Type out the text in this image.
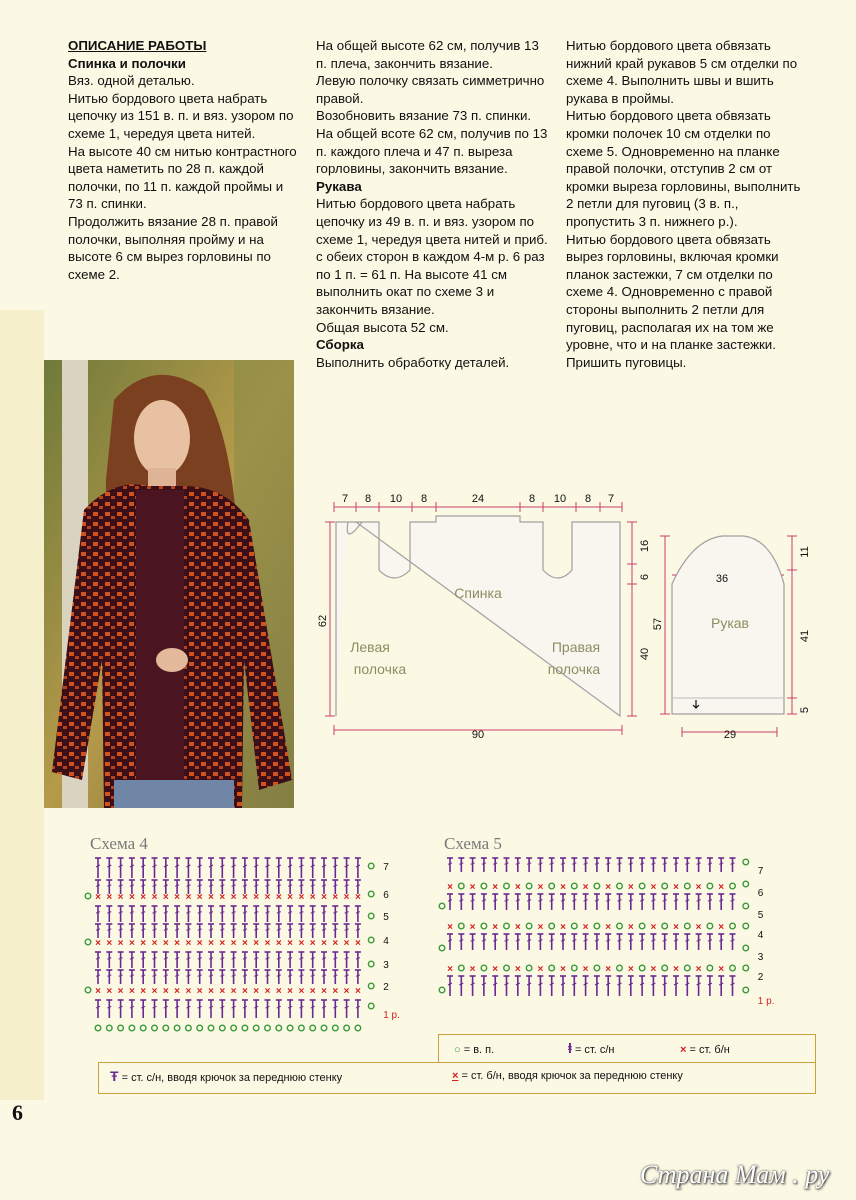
ОПИСАНИЕ РАБОТЫ

Спинка и полочки

Вяз. одной деталью.

Нитью бордового цвета набрать цепочку из 151 в. п. и вяз. узором по схеме 1, чередуя цвета нитей.

На высоте 40 см нитью контрастного цвета наметить по 28 п. каждой полочки, по 11 п. каждой проймы и 73 п. спинки.

Продолжить вязание 28 п. правой полочки, выполняя пройму и на высоте 6 см вырез горловины по схеме 2.

На общей высоте 62 см, получив 13 п. плеча, закончить вязание.

Левую полочку связать симметрично правой.

Возобновить вязание 73 п. спинки. На общей всоте 62 см, получив по 13 п. каждого плеча и 47 п. выреза горловины, закончить вязание.

Рукава

Нитью бордового цвета набрать цепочку из 49 в. п. и вяз. узором по схеме 1, чередуя цвета нитей и приб. с обеих сторон в каждом 4-м р. 6 раз по 1 п. = 61 п. На высоте 41 см выполнить окат по схеме 3 и закончить вязание.

Общая высота 52 см.

Сборка

Выполнить обработку деталей.

Нитью бордового цвета обвязать нижний край рукавов 5 см отделки по схеме 4. Выполнить швы и вшить рукава в проймы.

Нитью бордового цвета обвязать кромки полочек 10 см отделки по схеме 5. Одновременно на планке правой полочки, отступив 2 см от кромки выреза горловины, выполнить 2 петли для пуговиц (3 в. п., пропустить 3 п. нижнего р.).

Нитью бордового цвета обвязать вырез горловины, включая кромки планок застежки, 7 см отделки по схеме 4. Одновременно с правой стороны выполнить 2 петли для пуговиц, располагая их на том же уровне, что и на планке застежки. Пришить пуговицы.

7 8 10 8	24	8 10 8 7
90
36
29
62
16
6
40
57
11
41
5
Спинка
Левая
полочка
Правая
полочка
Рукав
Схема 4
×
×
×
×
×
×
×
×
×
×
×
×
×
×
×
×
×
×
×
×
×
×
×
×
×
×
×
×
×
×
×
×
×
×
×
×
×
×
×
×
×
×
×
×
×
×
×
×
×
×
×
×
×
×
×
×
×
×
×
×
×
×
×
×
×
×
×
×
×
×
×
×
7
6
5
4
3
2
1 р.
Схема 5
×
×
×
×
×
×
×
×
×
×
×
×
×
×
×
×
×
×
×
×
×
×
×
×
×
×
×
×
×
×
×
×
×
×
×
×
×
×
×
7
6
5
4
3
2
1 р.
○ = в. п.	ⱡ = ст. с/н	× = ст. б/н
Ŧ = ст. с/н, вводя крючок за переднюю стенку	× = ст. б/н, вводя крючок за переднюю стенку
6
Страна Мам . ру
